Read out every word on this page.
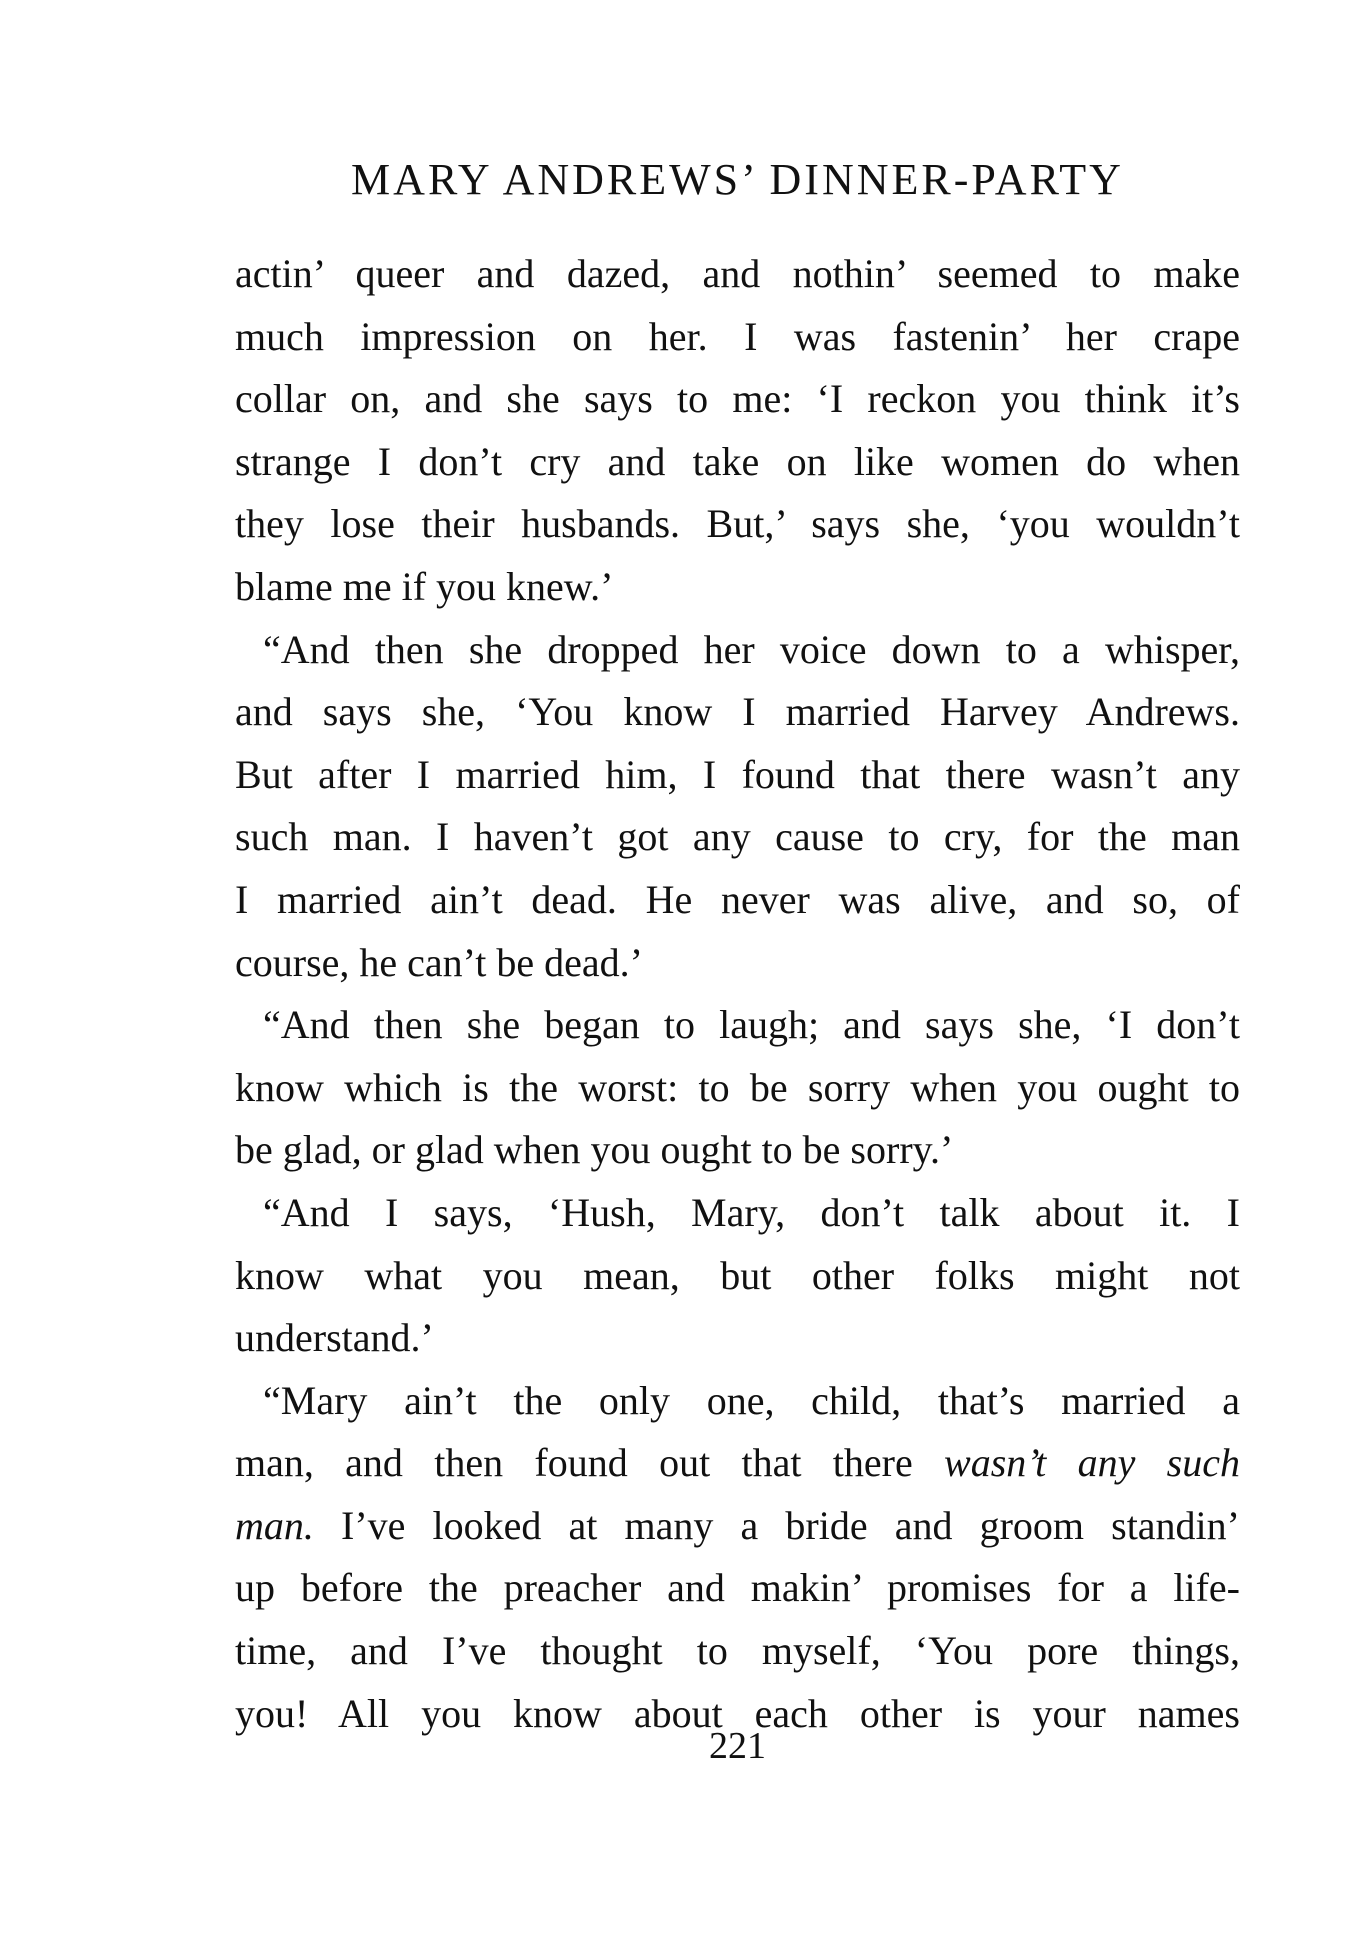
MARY ANDREWS’ DINNER-PARTY
actin’ queer and dazed, and nothin’ seemed to make
much impression on her. I was fastenin’ her crape
collar on, and she says to me: ‘I reckon you think it’s
strange I don’t cry and take on like women do when
they lose their husbands. But,’ says she, ‘you wouldn’t
blame me if you knew.’
“And then she dropped her voice down to a whisper,
and says she, ‘You know I married Harvey Andrews.
But after I married him, I found that there wasn’t any
such man. I haven’t got any cause to cry, for the man
I married ain’t dead. He never was alive, and so, of
course, he can’t be dead.’
“And then she began to laugh; and says she, ‘I don’t
know which is the worst: to be sorry when you ought to
be glad, or glad when you ought to be sorry.’
“And I says, ‘Hush, Mary, don’t talk about it. I
know what you mean, but other folks might not
understand.’
“Mary ain’t the only one, child, that’s married a
man, and then found out that there wasn’t any such
man. I’ve looked at many a bride and groom standin’
up before the preacher and makin’ promises for a life-
time, and I’ve thought to myself, ‘You pore things,
you! All you know about each other is your names
221
